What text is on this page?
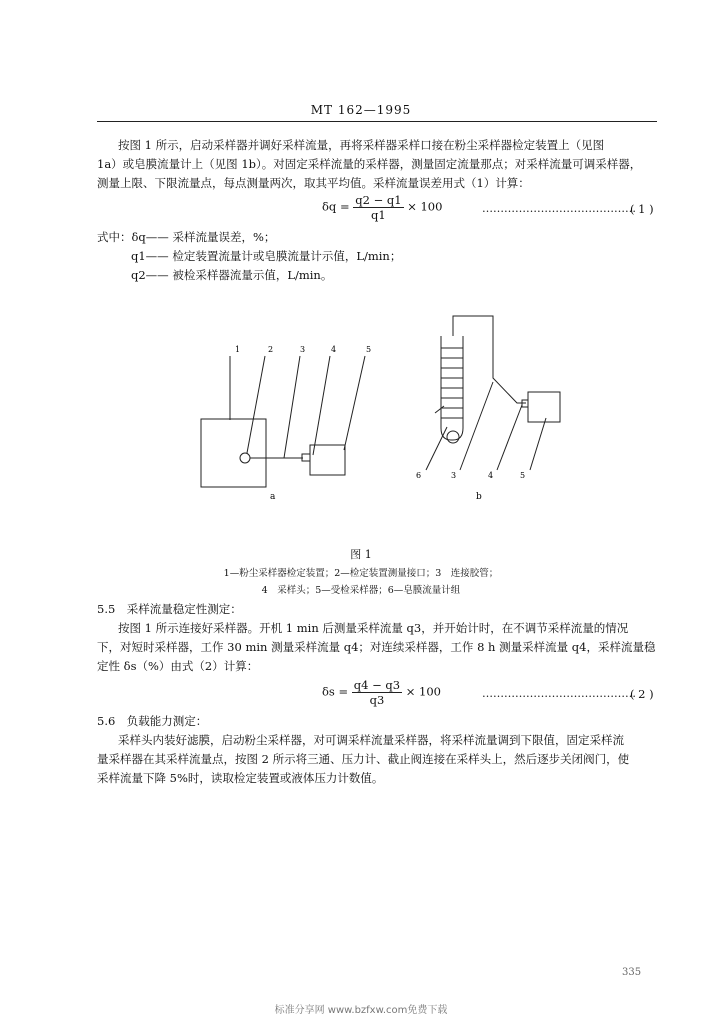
MT 162—1995
按图 1 所示，启动采样器并调好采样流量，再将采样器采样口接在粉尘采样器检定装置上（见图
1a）或皂膜流量计上（见图 1b）。对固定采样流量的采样器，测量固定流量那点；对采样流量可调采样器，
测量上限、下限流量点，每点测量两次，取其平均值。采样流量误差用式（1）计算：
$\delta q = \frac{q2 - q1}{q1} \times 100$	……………………………………
( 1 )
式中：δq—— 采样流量误差，%；
q1—— 检定装置流量计或皂膜流量计示值，L/min；
q2—— 被检采样器流量示值，L/min。
1	2	3	4	5
a
6	3	4	5
b
图 1
1—粉尘采样器检定装置；2—检定装置测量接口；3　连接胶管；
4　采样头；5—受检采样器；6—皂膜流量计组
5.5　采样流量稳定性测定：
按图 1 所示连接好采样器。开机 1 min 后测量采样流量 q3，并开始计时，在不调节采样流量的情况
下，对短时采样器，工作 30 min 测量采样流量 q4；对连续采样器，工作 8 h 测量采样流量 q4，采样流量稳
定性 δs（%）由式（2）计算：
$\delta s = \frac{q4 - q3}{q3} \times 100$	……………………………………
( 2 )
5.6　负载能力测定：
采样头内装好滤膜，启动粉尘采样器，对可调采样流量采样器，将采样流量调到下限值，固定采样流
量采样器在其采样流量点，按图 2 所示将三通、压力计、截止阀连接在采样头上，然后逐步关闭阀门，使
采样流量下降 5%时，读取检定装置或液体压力计数值。
335
标准分享网 www.bzfxw.com免费下载
